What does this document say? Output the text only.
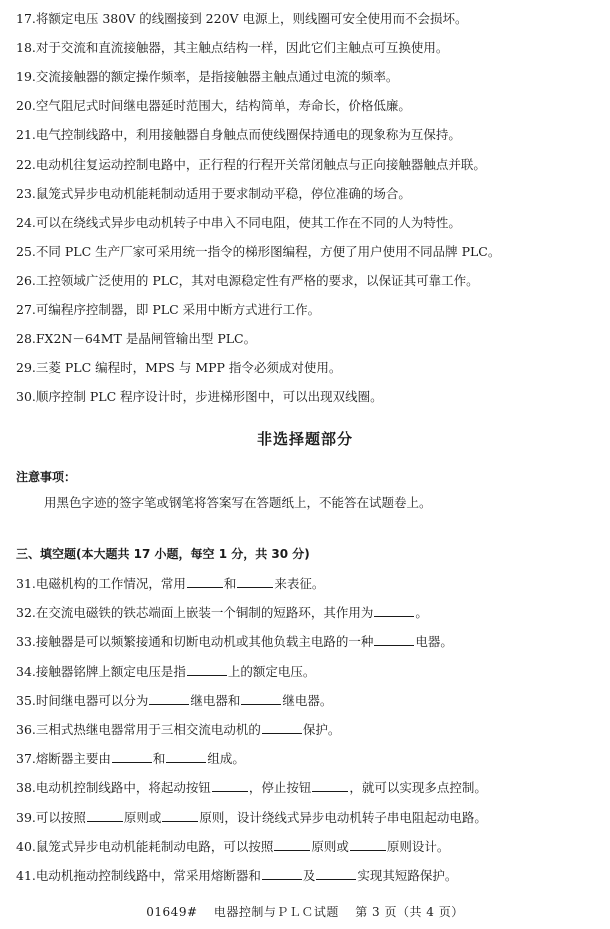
17.将额定电压 380V 的线圈接到 220V 电源上，则线圈可安全使用而不会损坏。
18.对于交流和直流接触器，其主触点结构一样，因此它们主触点可互换使用。
19.交流接触器的额定操作频率，是指接触器主触点通过电流的频率。
20.空气阻尼式时间继电器延时范围大，结构简单，寿命长，价格低廉。
21.电气控制线路中，利用接触器自身触点而使线圈保持通电的现象称为互保持。
22.电动机往复运动控制电路中，正行程的行程开关常闭触点与正向接触器触点并联。
23.鼠笼式异步电动机能耗制动适用于要求制动平稳，停位准确的场合。
24.可以在绕线式异步电动机转子中串入不同电阻，使其工作在不同的人为特性。
25.不同 PLC 生产厂家可采用统一指令的梯形图编程，方便了用户使用不同品牌 PLC。
26.工控领域广泛使用的 PLC，其对电源稳定性有严格的要求，以保证其可靠工作。
27.可编程序控制器，即 PLC 采用中断方式进行工作。
28.FX2N－64MT 是晶闸管输出型 PLC。
29.三菱 PLC 编程时，MPS 与 MPP 指令必须成对使用。
30.顺序控制 PLC 程序设计时，步进梯形图中，可以出现双线圈。
非选择题部分
注意事项：
用黑色字迹的签字笔或钢笔将答案写在答题纸上，不能答在试题卷上。
三、填空题(本大题共 17 小题，每空 1 分，共 30 分)
31.电磁机构的工作情况，常用	和	来表征。
32.在交流电磁铁的铁芯端面上嵌装一个铜制的短路环，其作用为	。
33.接触器是可以频繁接通和切断电动机或其他负载主电路的一种	电器。
34.接触器铭牌上额定电压是指	上的额定电压。
35.时间继电器可以分为	继电器和	继电器。
36.三相式热继电器常用于三相交流电动机的	保护。
37.熔断器主要由	和	组成。
38.电动机控制线路中，将起动按钮	，停止按钮	，就可以实现多点控制。
39.可以按照	原则或	原则，设计绕线式异步电动机转子串电阻起动电路。
40.鼠笼式异步电动机能耗制动电路，可以按照	原则或	原则设计。
41.电动机拖动控制线路中，常采用熔断器和	及	实现其短路保护。
01649# 电器控制与ＰＬＣ试题 第 3 页（共 4 页）
